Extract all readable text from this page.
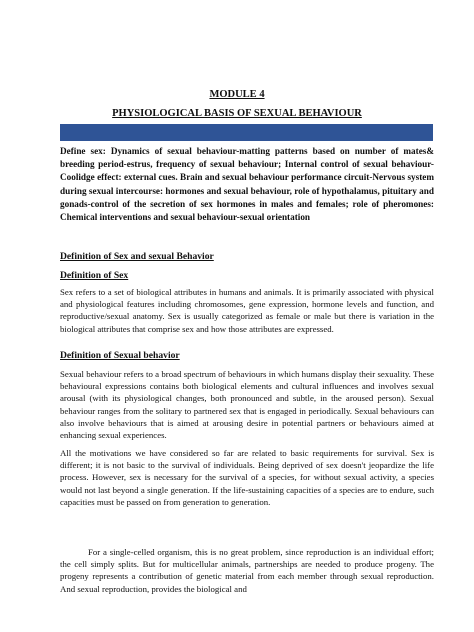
MODULE 4
PHYSIOLOGICAL BASIS OF SEXUAL BEHAVIOUR
Define sex: Dynamics of sexual behaviour-matting patterns based on number of mates& breeding period-estrus, frequency of sexual behaviour; Internal control of sexual behaviour-Coolidge effect: external cues. Brain and sexual behaviour performance circuit-Nervous system during sexual intercourse: hormones and sexual behaviour, role of hypothalamus, pituitary and gonads-control of the secretion of sex hormones in males and females; role of pheromones: Chemical interventions and sexual behaviour-sexual orientation
Definition of Sex and sexual Behavior
Definition of Sex
Sex refers to a set of biological attributes in humans and animals. It is primarily associated with physical and physiological features including chromosomes, gene expression, hormone levels and function, and reproductive/sexual anatomy. Sex is usually categorized as female or male but there is variation in the biological attributes that comprise sex and how those attributes are expressed.
Definition of Sexual behavior
Sexual behaviour refers to a broad spectrum of behaviours in which humans display their sexuality. These behavioural expressions contains both biological elements and cultural influences and involves sexual arousal (with its physiological changes, both pronounced and subtle, in the aroused person). Sexual behaviour ranges from the solitary to partnered sex that is engaged in periodically. Sexual behaviours can also involve behaviours that is aimed at arousing desire in potential partners or behaviours aimed at enhancing sexual experiences.
All the motivations we have considered so far are related to basic requirements for survival. Sex is different; it is not basic to the survival of individuals. Being deprived of sex doesn't jeopardize the life process. However, sex is necessary for the survival of a species, for without sexual activity, a species would not last beyond a single generation. If the life-sustaining capacities of a species are to endure, such capacities must be passed on from generation to generation.
For a single-celled organism, this is no great problem, since reproduction is an individual effort; the cell simply splits. But for multicellular animals, partnerships are needed to produce progeny. The progeny represents a contribution of genetic material from each member through sexual reproduction. And sexual reproduction, provides the biological and
